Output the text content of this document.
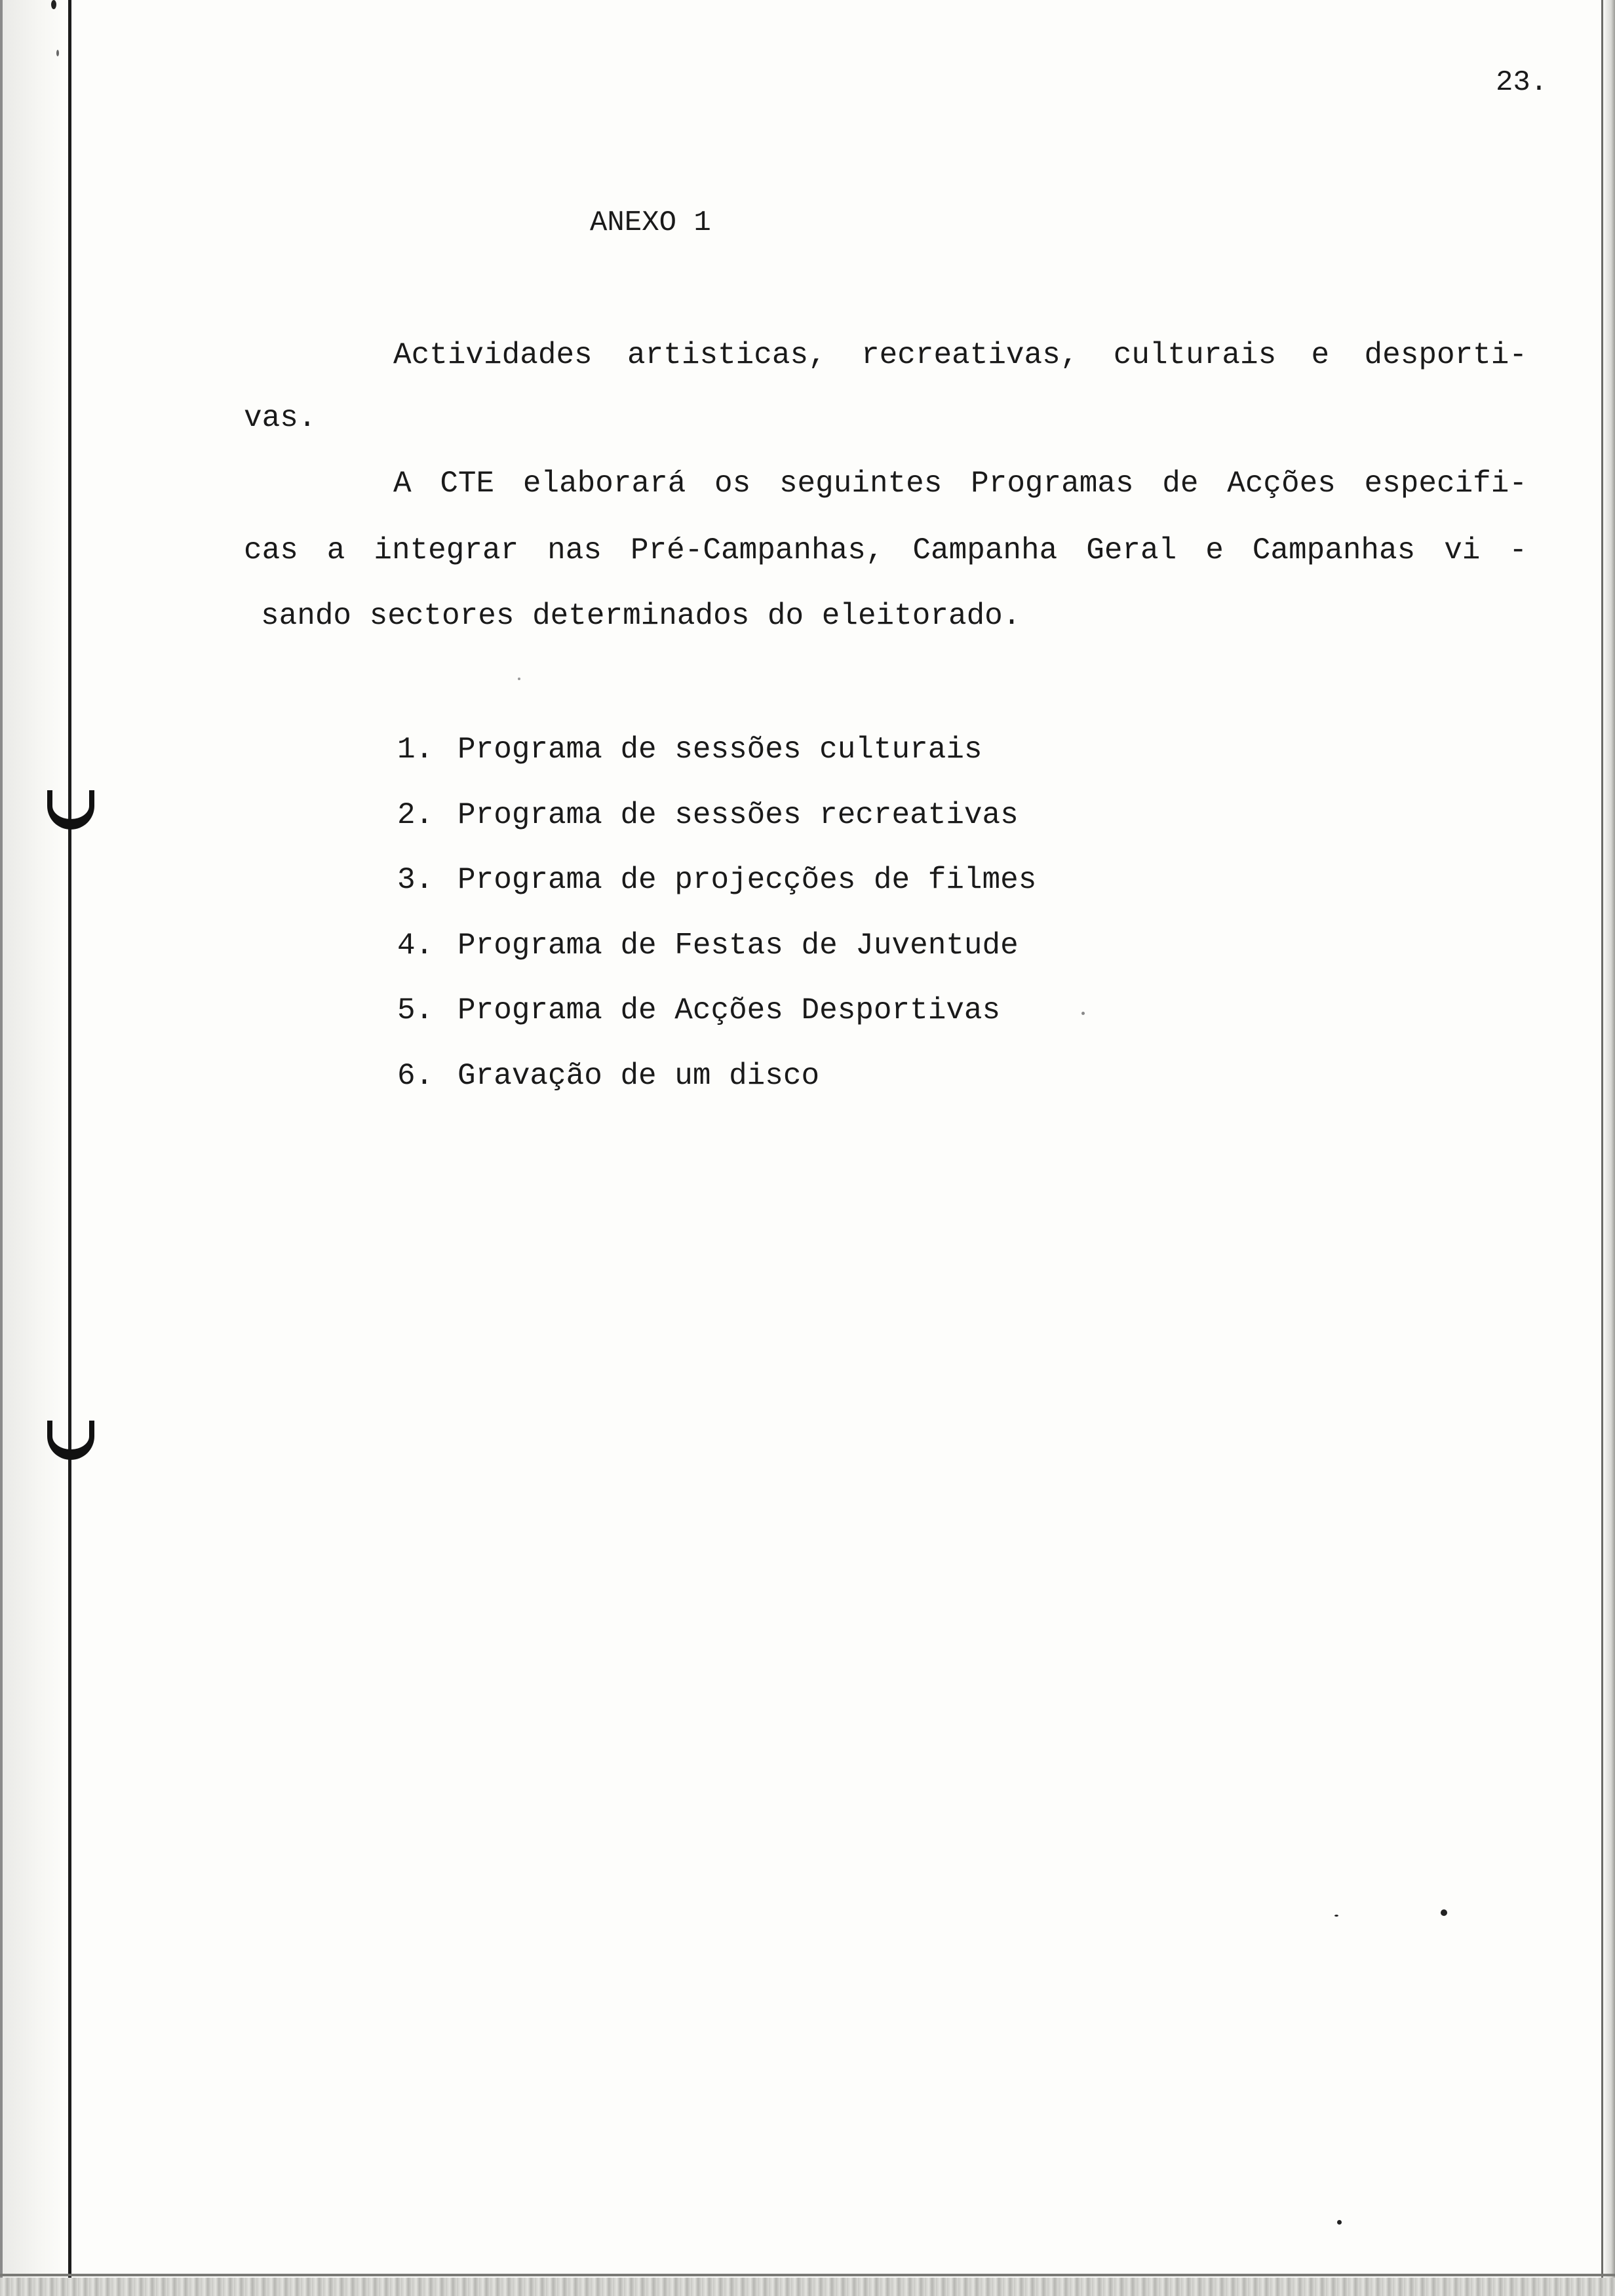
23.
ANEXO 1
Actividades artisticas, recreativas, culturais e desporti-
vas.
A CTE elaborará os seguintes Programas de Acções especifi-
cas a integrar nas Pré-Campanhas, Campanha Geral e Campanhas vi -
sando sectores determinados do eleitorado.
1. Programa de sessões culturais
2. Programa de sessões recreativas
3. Programa de projecções de filmes
4. Programa de Festas de Juventude
5. Programa de Acções Desportivas
6. Gravação de um disco
